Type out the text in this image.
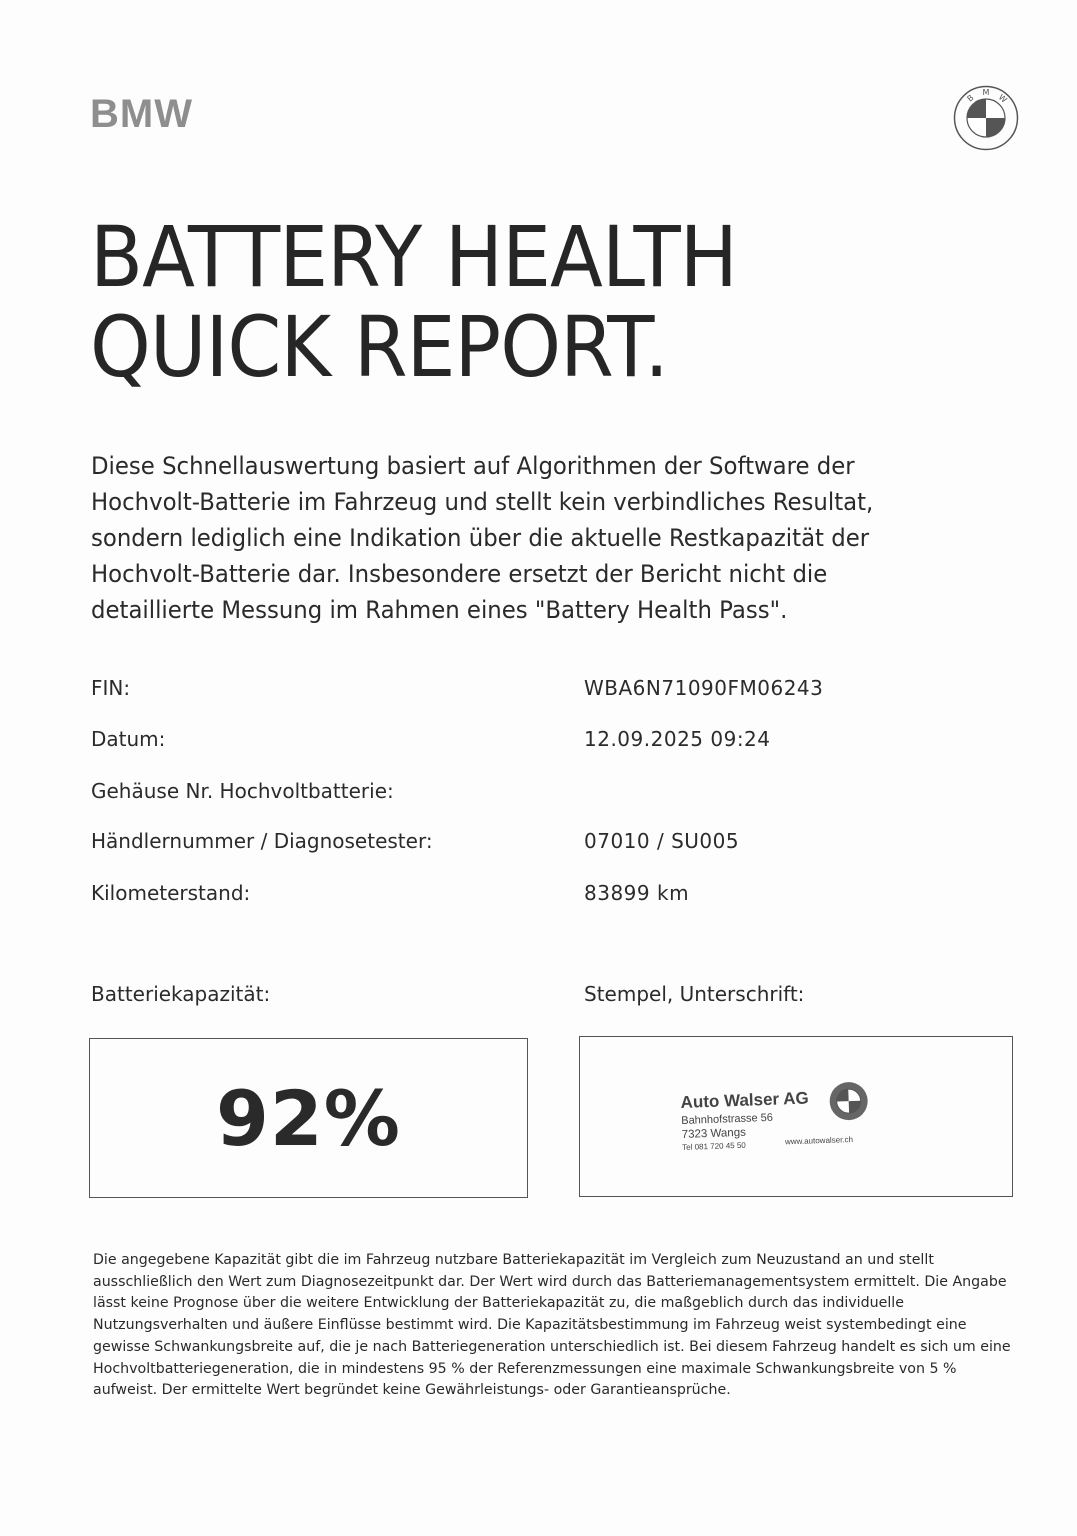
BMW	B
M
W
BATTERY HEALTH
QUICK REPORT.

Diese Schnellauswertung basiert auf Algorithmen der Software der Hochvolt-Batterie im Fahrzeug und stellt kein verbindliches Resultat, sondern lediglich eine Indikation über die aktuelle Restkapazität der Hochvolt-Batterie dar. Insbesondere ersetzt der Bericht nicht die detaillierte Messung im Rahmen eines "Battery Health Pass".

FIN:	WBA6N71090FM06243
Datum:	12.09.2025 09:24
Gehäuse Nr. Hochvoltbatterie:
Händlernummer / Diagnosetester:	07010 / SU005
Kilometerstand:	83899 km
Batteriekapazität:	Stempel, Unterschrift:
92%	Auto Walser AG
Bahnhofstrasse 56
7323 Wangs
Tel 081 720 45 50	www.autowalser.ch

Die angegebene Kapazität gibt die im Fahrzeug nutzbare Batteriekapazität im Vergleich zum Neuzustand an und stellt ausschließlich den Wert zum Diagnosezeitpunkt dar. Der Wert wird durch das Batteriemanagementsystem ermittelt. Die Angabe lässt keine Prognose über die weitere Entwicklung der Batteriekapazität zu, die maßgeblich durch das individuelle Nutzungsverhalten und äußere Einflüsse bestimmt wird. Die Kapazitätsbestimmung im Fahrzeug weist systembedingt eine gewisse Schwankungsbreite auf, die je nach Batteriegeneration unterschiedlich ist. Bei diesem Fahrzeug handelt es sich um eine Hochvoltbatteriegeneration, die in mindestens 95 % der Referenzmessungen eine maximale Schwankungsbreite von 5 % aufweist. Der ermittelte Wert begründet keine Gewährleistungs- oder Garantieansprüche.
